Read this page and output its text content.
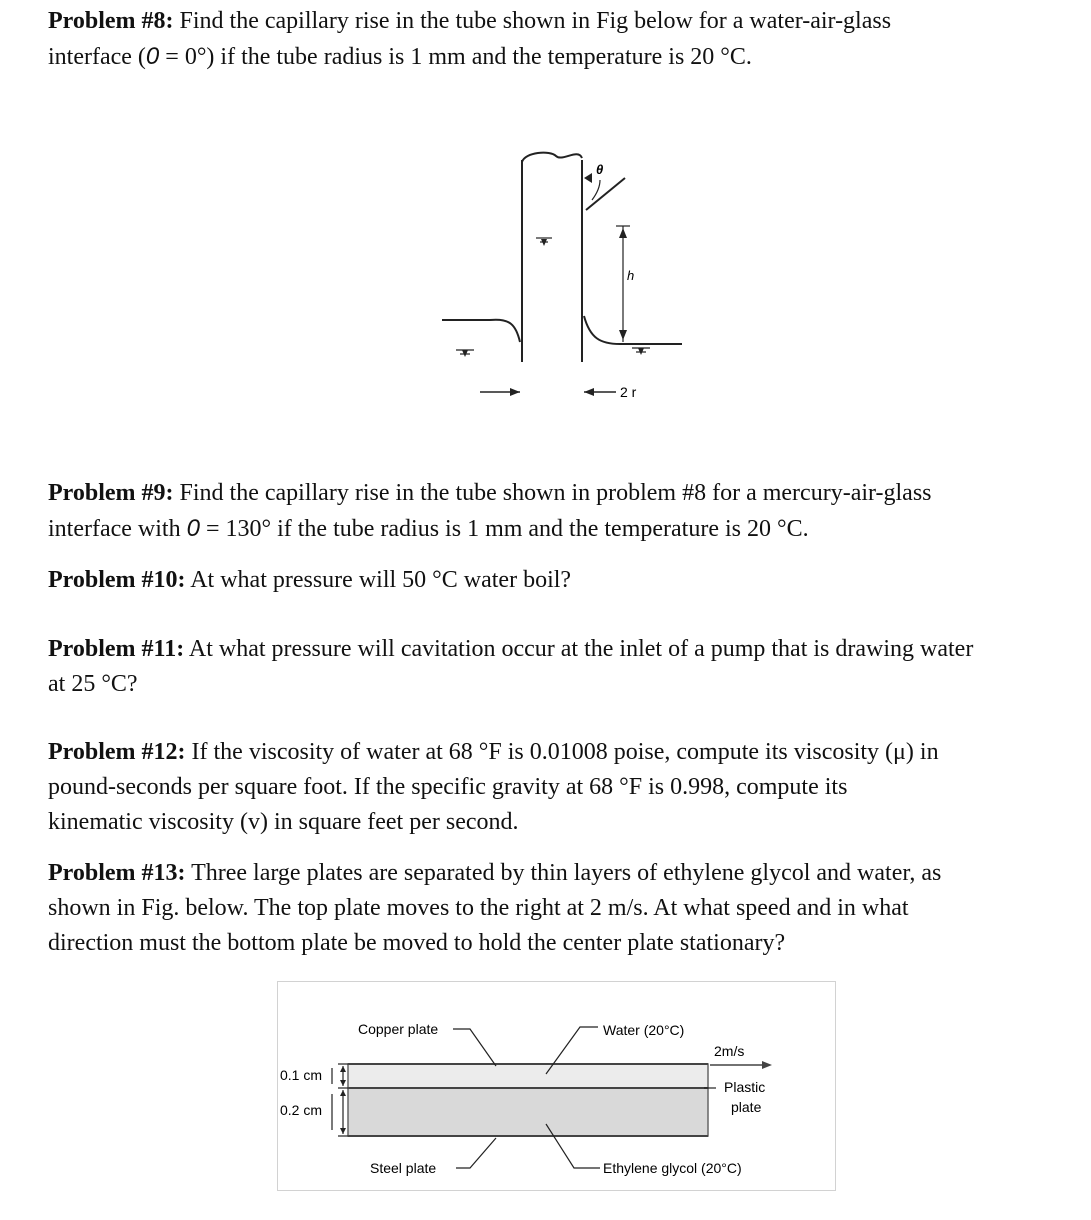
Problem #8: Find the capillary rise in the tube shown in Fig below for a water-air-glass
interface (0 = 0°) if the tube radius is 1 mm and the temperature is 20 °C.

θ
h
2 r

Problem #9: Find the capillary rise in the tube shown in problem #8 for a mercury-air-glass
interface with 0 = 130° if the tube radius is 1 mm and the temperature is 20 °C.

Problem #10: At what pressure will 50 °C water boil?

Problem #11: At what pressure will cavitation occur at the inlet of a pump that is drawing water
at 25 °C?

Problem #12: If the viscosity of water at 68 °F is 0.01008 poise, compute its viscosity (μ) in
pound-seconds per square foot. If the specific gravity at 68 °F is 0.998, compute its
kinematic viscosity (v) in square feet per second.

Problem #13: Three large plates are separated by thin layers of ethylene glycol and water, as
shown in Fig. below. The top plate moves to the right at 2 m/s. At what speed and in what
direction must the bottom plate be moved to hold the center plate stationary?

Copper plate	Water (20°C)
2m/s
Plastic
plate
0.1 cm
0.2 cm
Steel plate	Ethylene glycol (20°C)
